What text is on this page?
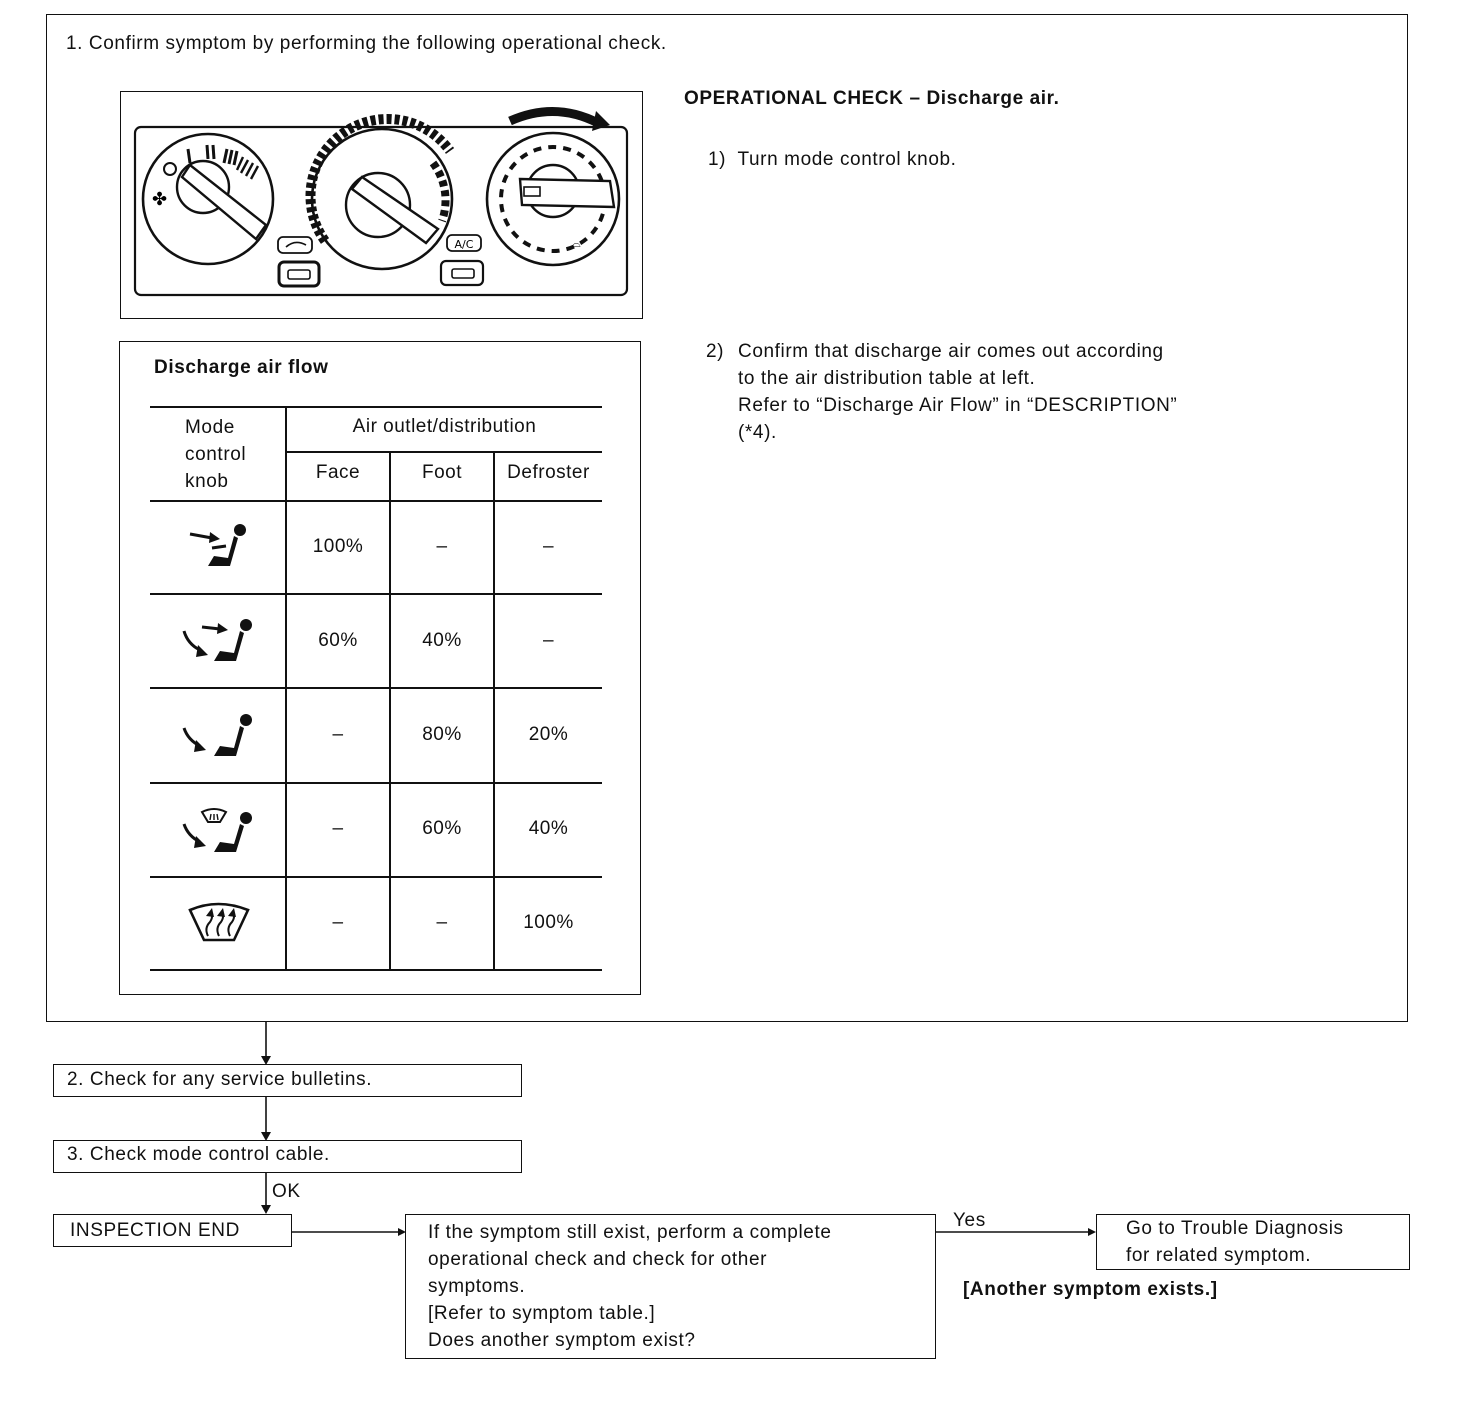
1. Confirm symptom by performing the following operational check.
✤
⌓
A/C
OPERATIONAL CHECK – Discharge air.
1)  Turn mode control knob.
2) Confirm that discharge air comes out according
to the air distribution table at left.
Refer to “Discharge Air Flow” in “DESCRIPTION”
(*4).
Discharge air flow
Mode
control
knob
Air outlet/distribution
Face	Foot	Defroster
100%	–	–
60%	40%	–
–	80%	20%
–	60%	40%
–	–	100%
2. Check for any service bulletins.
3. Check mode control cable.
OK
INSPECTION END	If the symptom still exist, perform a complete
operational check and check for other
symptoms.
[Refer to symptom table.]
Does another symptom exist?
Yes	Go to Trouble Diagnosis
for related symptom.
[Another symptom exists.]
